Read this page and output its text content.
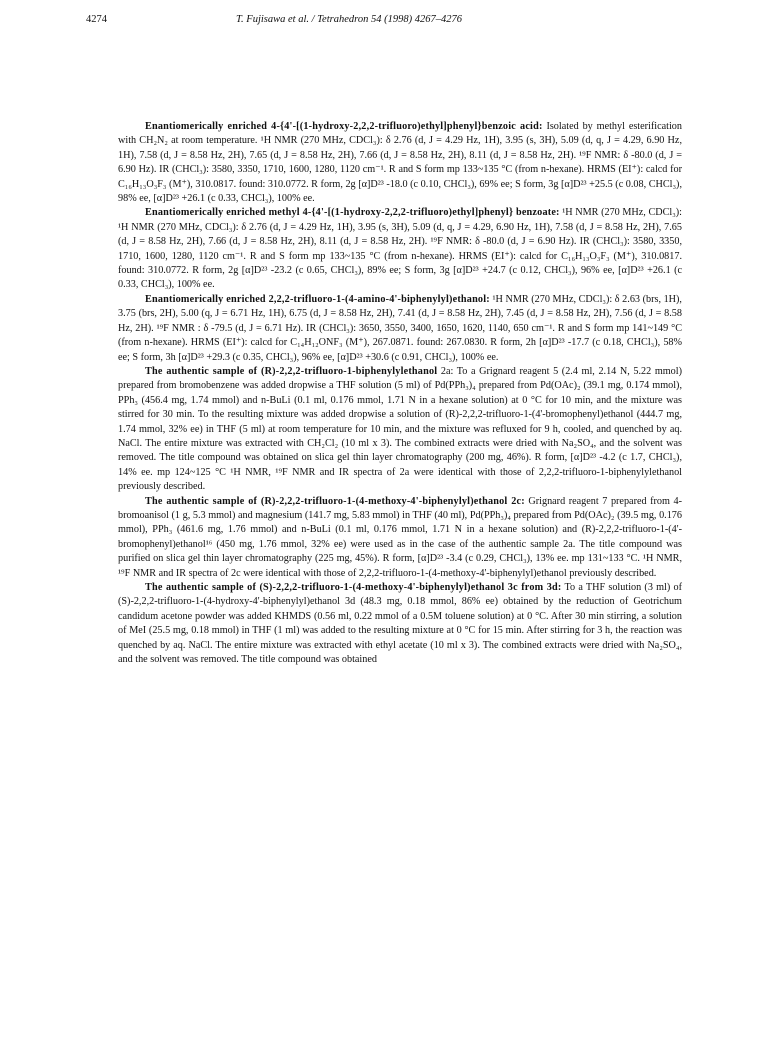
4274	T. Fujisawa et al. / Tetrahedron 54 (1998) 4267–4276

Enantiomerically enriched 4-{4'-[(1-hydroxy-2,2,2-trifluoro)ethyl]phenyl}benzoic acid: Isolated by methyl esterification with CH₂N₂ at room temperature. ¹H NMR (270 MHz, CDCl₃): δ 2.76 (d, J = 4.29 Hz, 1H), 3.95 (s, 3H), 5.09 (d, q, J = 4.29, 6.90 Hz, 1H), 7.58 (d, J = 8.58 Hz, 2H), 7.65 (d, J = 8.58 Hz, 2H), 7.66 (d, J = 8.58 Hz, 2H), 8.11 (d, J = 8.58 Hz, 2H). ¹⁹F NMR: δ -80.0 (d, J = 6.90 Hz). IR (CHCl₃): 3580, 3350, 1710, 1600, 1280, 1120 cm⁻¹. R and S form mp 133~135 °C (from n-hexane). HRMS (EI⁺): calcd for C₁₆H₁₃O₃F₃ (M⁺), 310.0817. found: 310.0772. R form, 2g [α]D²³ -18.0 (c 0.10, CHCl₃), 69% ee; S form, 3g [α]D²³ +25.5 (c 0.08, CHCl₃), 98% ee, [α]D²³ +26.1 (c 0.33, CHCl₃), 100% ee.

Enantiomerically enriched methyl 4-{4'-[(1-hydroxy-2,2,2-trifluoro)ethyl]phenyl} benzoate: ¹H NMR (270 MHz, CDCl₃): ¹H NMR (270 MHz, CDCl₃): δ 2.76 (d, J = 4.29 Hz, 1H), 3.95 (s, 3H), 5.09 (d, q, J = 4.29, 6.90 Hz, 1H), 7.58 (d, J = 8.58 Hz, 2H), 7.65 (d, J = 8.58 Hz, 2H), 7.66 (d, J = 8.58 Hz, 2H), 8.11 (d, J = 8.58 Hz, 2H). ¹⁹F NMR: δ -80.0 (d, J = 6.90 Hz). IR (CHCl₃): 3580, 3350, 1710, 1600, 1280, 1120 cm⁻¹. R and S form mp 133~135 °C (from n-hexane). HRMS (EI⁺): calcd for C₁₆H₁₃O₃F₃ (M⁺), 310.0817. found: 310.0772. R form, 2g [α]D²³ -23.2 (c 0.65, CHCl₃), 89% ee; S form, 3g [α]D²³ +24.7 (c 0.12, CHCl₃), 96% ee, [α]D²³ +26.1 (c 0.33, CHCl₃), 100% ee.

Enantiomerically enriched 2,2,2-trifluoro-1-(4-amino-4'-biphenylyl)ethanol: ¹H NMR (270 MHz, CDCl₃): δ 2.63 (brs, 1H), 3.75 (brs, 2H), 5.00 (q, J = 6.71 Hz, 1H), 6.75 (d, J = 8.58 Hz, 2H), 7.41 (d, J = 8.58 Hz, 2H), 7.45 (d, J = 8.58 Hz, 2H), 7.56 (d, J = 8.58 Hz, 2H). ¹⁹F NMR : δ -79.5 (d, J = 6.71 Hz). IR (CHCl₃): 3650, 3550, 3400, 1650, 1620, 1140, 650 cm⁻¹. R and S form mp 141~149 °C (from n-hexane). HRMS (EI⁺): calcd for C₁₄H₁₂ONF₃ (M⁺), 267.0871. found: 267.0830. R form, 2h [α]D²³ -17.7 (c 0.18, CHCl₃), 58% ee; S form, 3h [α]D²³ +29.3 (c 0.35, CHCl₃), 96% ee, [α]D²³ +30.6 (c 0.91, CHCl₃), 100% ee.

The authentic sample of (R)-2,2,2-trifluoro-1-biphenylylethanol 2a: To a Grignard reagent 5 (2.4 ml, 2.14 N, 5.22 mmol) prepared from bromobenzene was added dropwise a THF solution (5 ml) of Pd(PPh₃)₄ prepared from Pd(OAc)₂ (39.1 mg, 0.174 mmol), PPh₃ (456.4 mg, 1.74 mmol) and n-BuLi (0.1 ml, 0.176 mmol, 1.71 N in a hexane solution) at 0 °C for 10 min, and the mixture was stirred for 30 min. To the resulting mixture was added dropwise a solution of (R)-2,2,2-trifluoro-1-(4'-bromophenyl)ethanol (444.7 mg, 1.74 mmol, 32% ee) in THF (5 ml) at room temperature for 10 min, and the mixture was refluxed for 9 h, cooled, and quenched by aq. NaCl. The entire mixture was extracted with CH₂Cl₂ (10 ml x 3). The combined extracts were dried with Na₂SO₄, and the solvent was removed. The title compound was obtained on slica gel thin layer chromatography (200 mg, 46%). R form, [α]D²³ -4.2 (c 1.7, CHCl₃), 14% ee. mp 124~125 °C ¹H NMR, ¹⁹F NMR and IR spectra of 2a were identical with those of 2,2,2-trifluoro-1-biphenylylethanol previously described.

The authentic sample of (R)-2,2,2-trifluoro-1-(4-methoxy-4'-biphenylyl)ethanol 2c: Grignard reagent 7 prepared from 4-bromoanisol (1 g, 5.3 mmol) and magnesium (141.7 mg, 5.83 mmol) in THF (40 ml), Pd(PPh₃)₄ prepared from Pd(OAc)₂ (39.5 mg, 0.176 mmol), PPh₃ (461.6 mg, 1.76 mmol) and n-BuLi (0.1 ml, 0.176 mmol, 1.71 N in a hexane solution) and (R)-2,2,2-trifluoro-1-(4'-bromophenyl)ethanol¹⁶ (450 mg, 1.76 mmol, 32% ee) were used as in the case of the authentic sample 2a. The title compound was purified on slica gel thin layer chromatography (225 mg, 45%). R form, [α]D²³ -3.4 (c 0.29, CHCl₃), 13% ee. mp 131~133 °C. ¹H NMR, ¹⁹F NMR and IR spectra of 2c were identical with those of 2,2,2-trifluoro-1-(4-methoxy-4'-biphenylyl)ethanol previously described.

The authentic sample of (S)-2,2,2-trifluoro-1-(4-methoxy-4'-biphenylyl)ethanol 3c from 3d: To a THF solution (3 ml) of (S)-2,2,2-trifluoro-1-(4-hydroxy-4'-biphenylyl)ethanol 3d (48.3 mg, 0.18 mmol, 86% ee) obtained by the reduction of Geotrichum candidum acetone powder was added KHMDS (0.56 ml, 0.22 mmol of a 0.5M toluene solution) at 0 °C. After 30 min stirring, a solution of MeI (25.5 mg, 0.18 mmol) in THF (1 ml) was added to the resulting mixture at 0 °C for 15 min. After stirring for 3 h, the reaction was quenched by aq. NaCl. The entire mixture was extracted with ethyl acetate (10 ml x 3). The combined extracts were dried with Na₂SO₄, and the solvent was removed. The title compound was obtained
